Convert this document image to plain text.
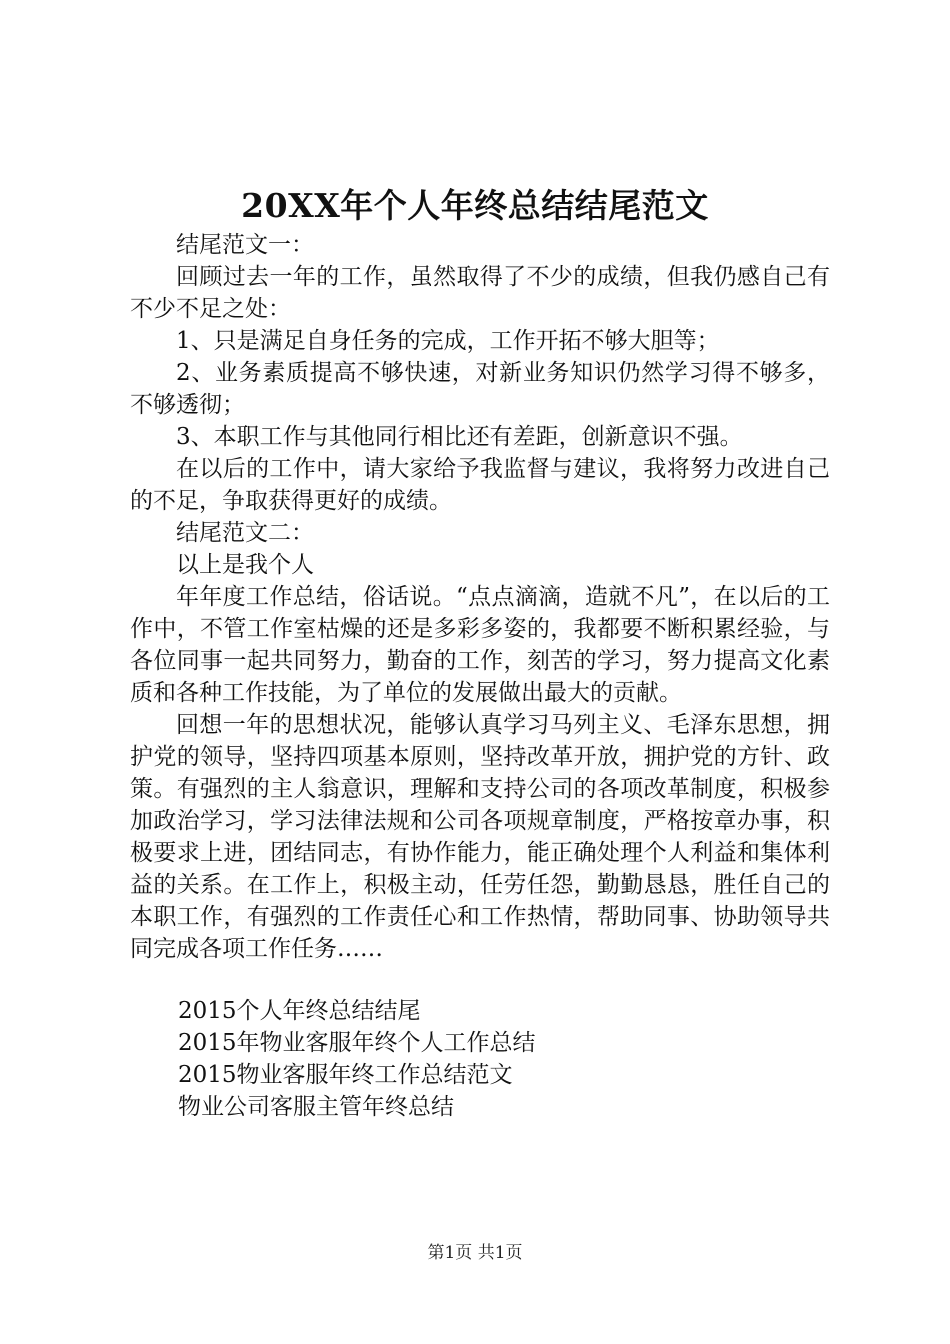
20XX年个人年终总结结尾范文

结尾范文一：

回顾过去一年的工作，虽然取得了不少的成绩，但我仍感自己有不少不足之处：

1、只是满足自身任务的完成，工作开拓不够大胆等；

2、业务素质提高不够快速，对新业务知识仍然学习得不够多，不够透彻；

3、本职工作与其他同行相比还有差距，创新意识不强。

在以后的工作中，请大家给予我监督与建议，我将努力改进自己的不足，争取获得更好的成绩。

结尾范文二：

以上是我个人

年年度工作总结，俗话说。“点点滴滴，造就不凡”，在以后的工作中，不管工作室枯燥的还是多彩多姿的，我都要不断积累经验，与各位同事一起共同努力，勤奋的工作，刻苦的学习，努力提高文化素质和各种工作技能，为了单位的发展做出最大的贡献。

回想一年的思想状况，能够认真学习马列主义、毛泽东思想，拥护党的领导，坚持四项基本原则，坚持改革开放，拥护党的方针、政策。有强烈的主人翁意识，理解和支持公司的各项改革制度，积极参加政治学习，学习法律法规和公司各项规章制度，严格按章办事，积极要求上进，团结同志，有协作能力，能正确处理个人利益和集体利益的关系。在工作上，积极主动，任劳任怨，勤勤恳恳，胜任自己的本职工作，有强烈的工作责任心和工作热情，帮助同事、协助领导共同完成各项工作任务……

2015个人年终总结结尾
2015年物业客服年终个人工作总结
2015物业客服年终工作总结范文
物业公司客服主管年终总结
第1页 共1页
